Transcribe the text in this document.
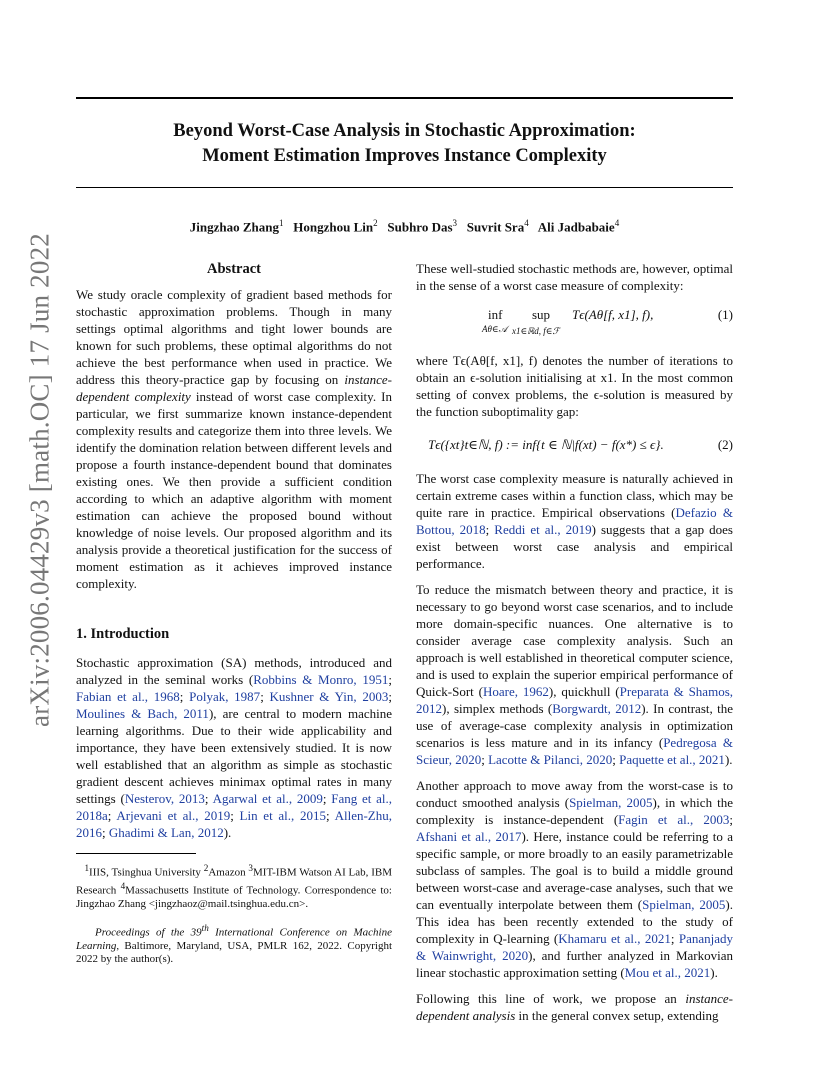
arXiv:2006.04429v3 [math.OC] 17 Jun 2022
Beyond Worst-Case Analysis in Stochastic Approximation:
Moment Estimation Improves Instance Complexity
Jingzhao Zhang$^1$ Hongzhou Lin$^2$ Subhro Das$^3$ Suvrit Sra$^4$ Ali Jadbabaie$^4$
Abstract

We study oracle complexity of gradient based methods for stochastic approximation problems. Though in many settings optimal algorithms and tight lower bounds are known for such problems, these optimal algorithms do not achieve the best performance when used in practice. We address this theory-practice gap by focusing on instance-dependent complexity instead of worst case complexity. In particular, we first summarize known instance-dependent complexity results and categorize them into three levels. We identify the domination relation between different levels and propose a fourth instance-dependent bound that dominates existing ones. We then provide a sufficient condition according to which an adaptive algorithm with moment estimation can achieve the proposed bound without knowledge of noise levels. Our proposed algorithm and its analysis provide a theoretical justification for the success of moment estimation as it achieves improved instance complexity.

1. Introduction

Stochastic approximation (SA) methods, introduced and analyzed in the seminal works (Robbins & Monro, 1951; Fabian et al., 1968; Polyak, 1987; Kushner & Yin, 2003; Moulines & Bach, 2011), are central to modern machine learning algorithms. Due to their wide applicability and importance, they have been extensively studied. It is now well established that an algorithm as simple as stochastic gradient descent achieves minimax optimal rates in many settings (Nesterov, 2013; Agarwal et al., 2009; Fang et al., 2018a; Arjevani et al., 2019; Lin et al., 2015; Allen-Zhu, 2016; Ghadimi & Lan, 2012).

$^1$IIIS, Tsinghua University $^2$Amazon $^3$MIT-IBM Watson AI Lab, IBM Research $^4$Massachusetts Institute of Technology. Correspondence to: Jingzhao Zhang <jingzhaoz@mail.tsinghua.edu.cn>.

Proceedings of the 39th International Conference on Machine Learning, Baltimore, Maryland, USA, PMLR 162, 2022. Copyright 2022 by the author(s).

These well-studied stochastic methods are, however, optimal in the sense of a worst case measure of complexity:

inf
Aθ∈𝒜
sup
x1∈ℝd, f∈ℱ
Tϵ(Aθ[f, x1], f),	(1)

where Tϵ(Aθ[f, x1], f) denotes the number of iterations to obtain an ϵ-solution initialising at x1. In the most common setting of convex problems, the ϵ-solution is measured by the function suboptimality gap:

Tϵ({xt}t∈ℕ, f) := inf{t ∈ ℕ|f(xt) − f(x*) ≤ ϵ}.	(2)

The worst case complexity measure is naturally achieved in certain extreme cases within a function class, which may be quite rare in practice. Empirical observations (Defazio & Bottou, 2018; Reddi et al., 2019) suggests that a gap does exist between worst case analysis and empirical performance.

To reduce the mismatch between theory and practice, it is necessary to go beyond worst case scenarios, and to include more domain-specific nuances. One alternative is to consider average case complexity analysis. Such an approach is well established in theoretical computer science, and is used to explain the superior empirical performance of Quick-Sort (Hoare, 1962), quickhull (Preparata & Shamos, 2012), simplex methods (Borgwardt, 2012). In contrast, the use of average-case complexity analysis in optimization scenarios is less mature and in its infancy (Pedregosa & Scieur, 2020; Lacotte & Pilanci, 2020; Paquette et al., 2021).

Another approach to move away from the worst-case is to conduct smoothed analysis (Spielman, 2005), in which the complexity is instance-dependent (Fagin et al., 2003; Afshani et al., 2017). Here, instance could be referring to a specific sample, or more broadly to an easily parametrizable subclass of samples. The goal is to build a middle ground between worst-case and average-case analyses, such that we can eventually interpolate between them (Spielman, 2005). This idea has been recently extended to the study of complexity in Q-learning (Khamaru et al., 2021; Pananjady & Wainwright, 2020), and further analyzed in Markovian linear stochastic approximation setting (Mou et al., 2021).

Following this line of work, we propose an instance-dependent analysis in the general convex setup, extending
